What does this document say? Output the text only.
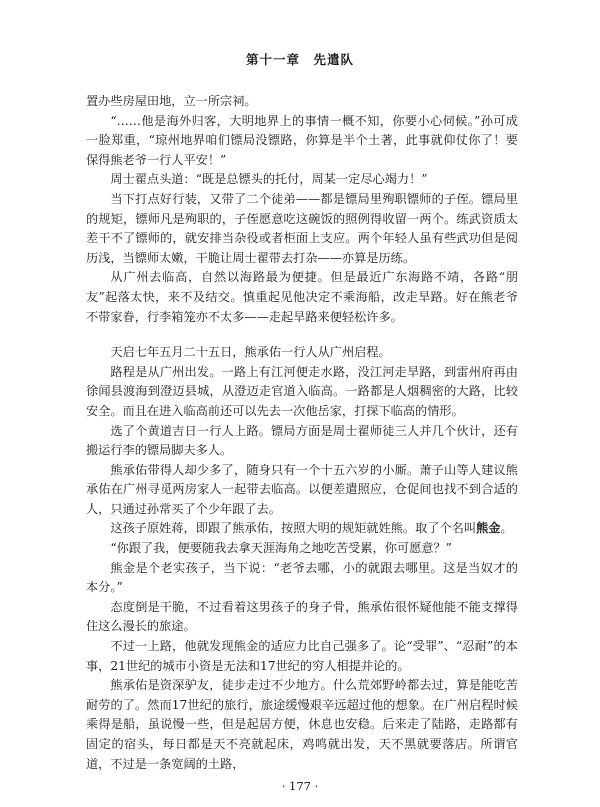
第十一章　先遣队

置办些房屋田地，立一所宗祠。

“……他是海外归客，大明地界上的事情一概不知，你要小心伺候。”孙可成一脸郑重，“琼州地界咱们镖局没镖路，你算是半个土著，此事就仰仗你了！要保得熊老爷一行人平安！”

周士翟点头道：“既是总镖头的托付，周某一定尽心竭力！”

当下打点好行装，又带了二个徒弟——都是镖局里殉职镖师的子侄。镖局里的规矩，镖师凡是殉职的，子侄愿意吃这碗饭的照例得收留一两个。练武资质太差干不了镖师的，就安排当杂役或者柜面上支应。两个年轻人虽有些武功但是阅历浅，当镖师太嫩，干脆让周士翟带去打杂——亦算是历练。

从广州去临高，自然以海路最为便捷。但是最近广东海路不靖，各路“朋友”起落太快，来不及结交。慎重起见他决定不乘海船，改走旱路。好在熊老爷不带家眷，行李箱笼亦不太多——走起旱路来便轻松许多。

天启七年五月二十五日，熊承佑一行人从广州启程。

路程是从广州出发。一路上有江河便走水路，没江河走旱路，到雷州府再由徐闻县渡海到澄迈县城，从澄迈走官道入临高。一路都是人烟稠密的大路，比较安全。而且在进入临高前还可以先去一次他岳家，打探下临高的情形。

选了个黄道吉日一行人上路。镖局方面是周士翟师徒三人并几个伙计，还有搬运行李的镖局脚夫多人。

熊承佑带得人却少多了，随身只有一个十五六岁的小厮。萧子山等人建议熊承佑在广州寻觅两房家人一起带去临高。以便差遣照应，仓促间也找不到合适的人，只通过孙常买了个少年跟了去。

这孩子原姓蒋，即跟了熊承佑，按照大明的规矩就姓熊。取了个名叫熊金。

“你跟了我，便要随我去拿天涯海角之地吃苦受累，你可愿意？”

熊金是个老实孩子，当下说：“老爷去哪，小的就跟去哪里。这是当奴才的本分。”

态度倒是干脆，不过看着这男孩子的身子骨，熊承佑很怀疑他能不能支撑得住这么漫长的旅途。

不过一上路，他就发现熊金的适应力比自己强多了。论“受罪”、“忍耐”的本事，21世纪的城市小资是无法和17世纪的穷人相提并论的。

熊承佑是资深驴友，徒步走过不少地方。什么荒郊野岭都去过，算是能吃苦耐劳的了。然而17世纪的旅行，旅途缓慢艰辛远超过他的想象。在广州启程时候乘得是船，虽说慢一些，但是起居方便，休息也安稳。后来走了陆路，走路都有固定的宿头，每日都是天不亮就起床，鸡鸣就出发，天不黑就要落店。所谓官道，不过是一条宽阔的土路，

· 177 ·
